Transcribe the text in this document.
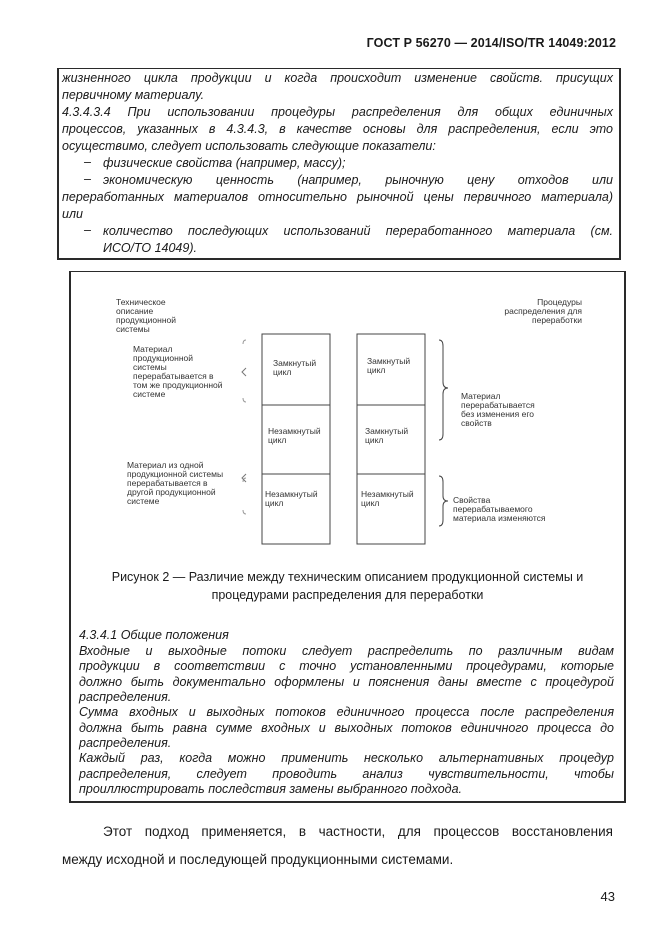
ГОСТ Р 56270 — 2014/ISO/TR 14049:2012
жизненного цикла продукции и когда происходит изменение свойств. присущих
первичному материалу.
4.3.4.3.4 При использовании процедуры распределения для общих единичных
процессов, указанных в 4.3.4.3, в качестве основы для распределения, если это
осуществимо, следует использовать следующие показатели:
– физические свойства (например, массу);
– экономическую ценность (например, рыночную цену отходов или
переработанных материалов относительно рыночной цены первичного материала)
или
– количество последующих использований переработанного материала (см.
ИСО/ТО 14049).
Техническое
описание
продукционной
системы
Процедуры
распределения для
переработки
Материал
продукционной
системы
перерабатывается в
том же продукционной
системе
Материал из одной
продукционной системы
перерабатывается в
другой продукционной
системе
Материал
перерабатывается
без изменения его
свойств
Свойства
перерабатываемого
материала изменяются
Замкнутый
цикл
Незамкнутый
цикл
Незамкнутый
цикл
Замкнутый
цикл
Замкнутый
цикл
Незамкнутый
цикл
Рисунок 2 — Различие между техническим описанием продукционной системы и
процедурами распределения для переработки
4.3.4.1 Общие положения
Входные и выходные потоки следует распределить по различным видам
продукции в соответствии с точно установленными процедурами, которые
должно быть документально оформлены и пояснения даны вместе с процедурой
распределения.
Сумма входных и выходных потоков единичного процесса после распределения
должна быть равна сумме входных и выходных потоков единичного процесса до
распределения.
Каждый раз, когда можно применить несколько альтернативных процедур
распределения, следует проводить анализ чувствительности, чтобы
проиллюстрировать последствия замены выбранного подхода.
Этот подход применяется, в частности, для процессов восстановления
между исходной и последующей продукционными системами.
43
